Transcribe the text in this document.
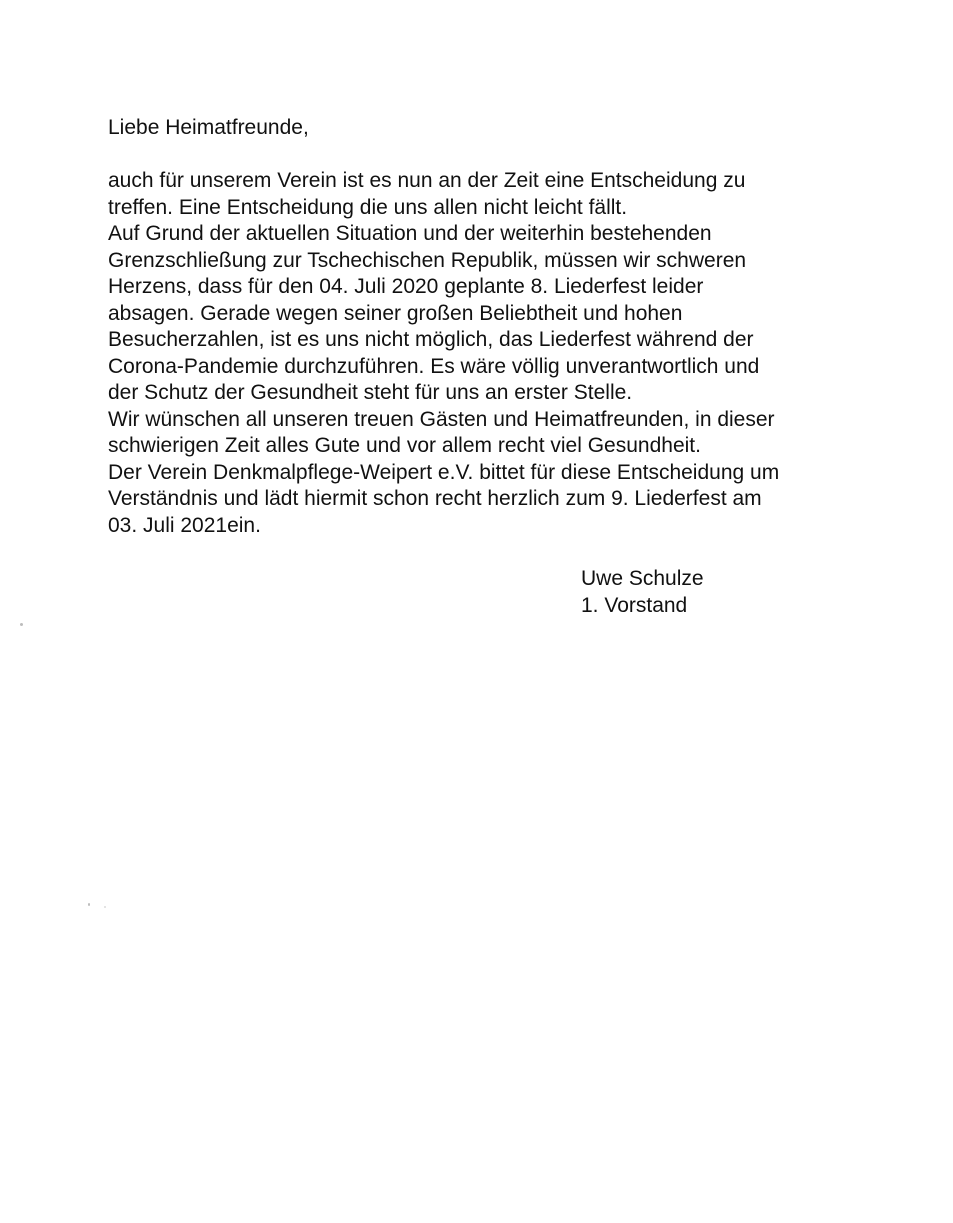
Liebe Heimatfreunde,
auch für unserem Verein ist es nun an der Zeit eine Entscheidung zu
treffen. Eine Entscheidung die uns allen nicht leicht fällt.
Auf Grund der aktuellen Situation und der weiterhin bestehenden
Grenzschließung zur Tschechischen Republik, müssen wir schweren
Herzens, dass für den 04. Juli 2020 geplante 8. Liederfest leider
absagen. Gerade wegen seiner großen Beliebtheit und hohen
Besucherzahlen, ist es uns nicht möglich, das Liederfest während der
Corona-Pandemie durchzuführen. Es wäre völlig unverantwortlich und
der Schutz der Gesundheit steht für uns an erster Stelle.
Wir wünschen all unseren treuen Gästen und Heimatfreunden, in dieser
schwierigen Zeit alles Gute und vor allem recht viel Gesundheit.
Der Verein Denkmalpflege-Weipert e.V. bittet für diese Entscheidung um
Verständnis und lädt hiermit schon recht herzlich zum 9. Liederfest am
03. Juli 2021ein.
Uwe Schulze
1. Vorstand
